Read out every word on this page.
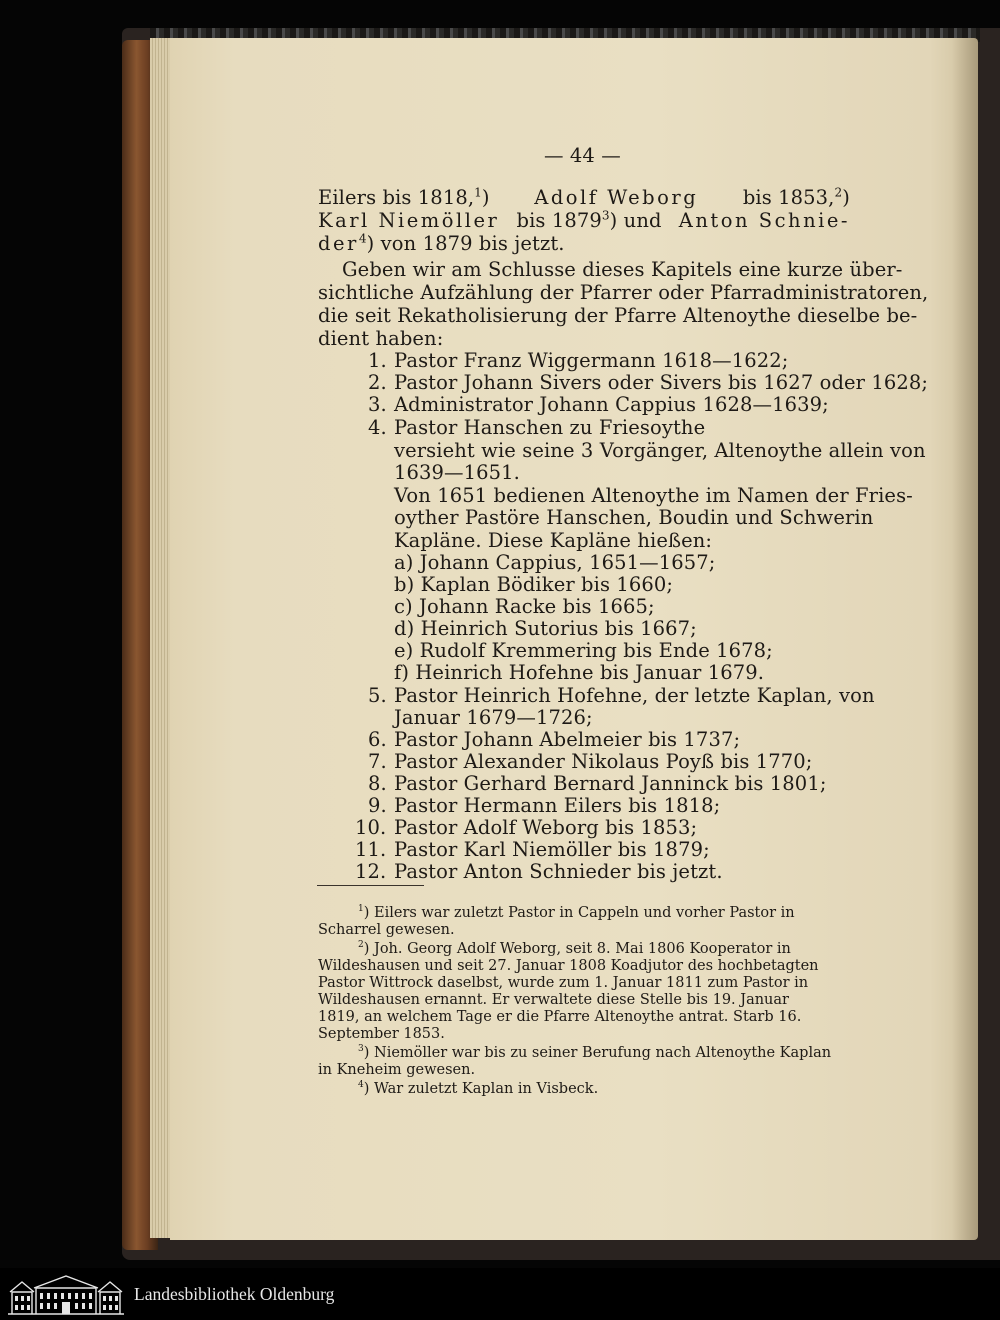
— 44 —
Eilers bis 1818,$^1$) Adolf Weborg bis 1853,$^2$)
Karl Niemöller bis 1879$^3$) und Anton Schnie-
der$^4$) von 1879 bis jetzt.
Geben wir am Schlusse dieses Kapitels eine kurze über-
sichtliche Aufzählung der Pfarrer oder Pfarradministratoren,
die seit Rekatholisierung der Pfarre Altenoythe dieselbe be-
dient haben:
1. Pastor Franz Wiggermann 1618—1622;
2. Pastor Johann Sivers oder Sivers bis 1627 oder 1628;
3. Administrator Johann Cappius 1628—1639;
4. Pastor Hanschen zu Friesoythe
versieht wie seine 3 Vorgänger, Altenoythe allein von
1639—1651.
Von 1651 bedienen Altenoythe im Namen der Fries-
oyther Pastöre Hanschen, Boudin und Schwerin
Kapläne. Diese Kapläne hießen:
a) Johann Cappius, 1651—1657;
b) Kaplan Bödiker bis 1660;
c) Johann Racke bis 1665;
d) Heinrich Sutorius bis 1667;
e) Rudolf Kremmering bis Ende 1678;
f) Heinrich Hofehne bis Januar 1679.
5. Pastor Heinrich Hofehne, der letzte Kaplan, von
Januar 1679—1726;
6. Pastor Johann Abelmeier bis 1737;
7. Pastor Alexander Nikolaus Poyß bis 1770;
8. Pastor Gerhard Bernard Janninck bis 1801;
9. Pastor Hermann Eilers bis 1818;
10. Pastor Adolf Weborg bis 1853;
11. Pastor Karl Niemöller bis 1879;
12. Pastor Anton Schnieder bis jetzt.
$^1$) Eilers war zuletzt Pastor in Cappeln und vorher Pastor in
Scharrel gewesen.
$^2$) Joh. Georg Adolf Weborg, seit 8. Mai 1806 Kooperator in
Wildeshausen und seit 27. Januar 1808 Koadjutor des hochbetagten
Pastor Wittrock daselbst, wurde zum 1. Januar 1811 zum Pastor in
Wildeshausen ernannt. Er verwaltete diese Stelle bis 19. Januar
1819, an welchem Tage er die Pfarre Altenoythe antrat. Starb 16.
September 1853.
$^3$) Niemöller war bis zu seiner Berufung nach Altenoythe Kaplan
in Kneheim gewesen.
$^4$) War zuletzt Kaplan in Visbeck.
Landesbibliothek Oldenburg
